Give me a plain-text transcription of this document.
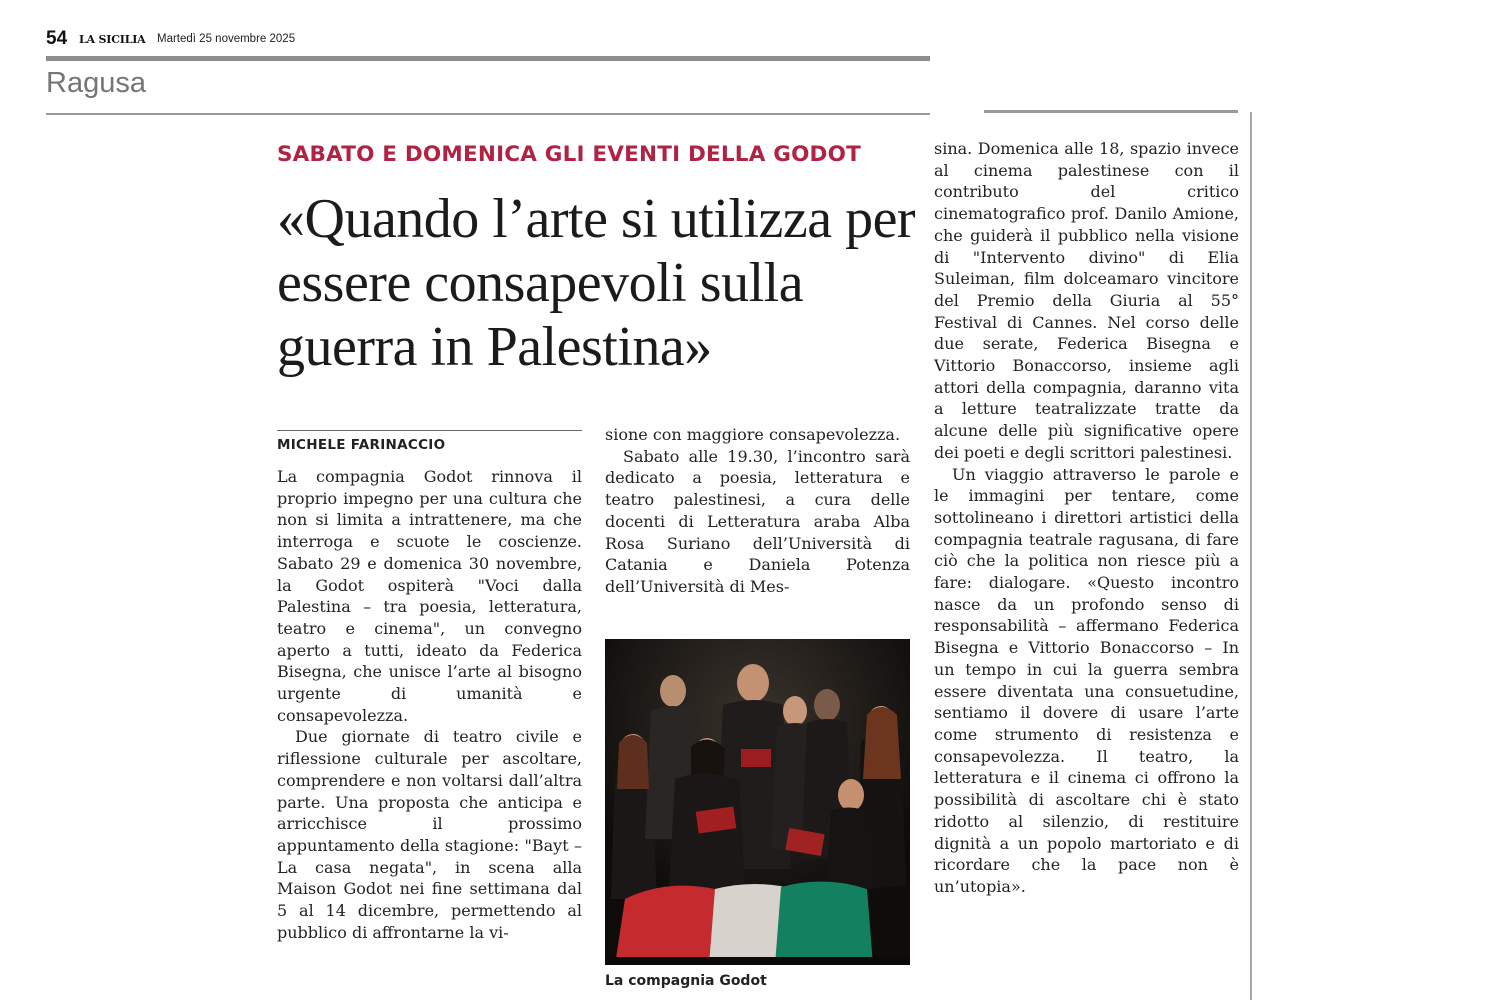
54 LA SICILIA Martedì 25 novembre 2025
Ragusa
SABATO E DOMENICA GLI EVENTI DELLA GODOT
«Quando l’arte si utilizza per essere consapevoli sulla guerra in Palestina»
MICHELE FARINACCIO

La compagnia Godot rinnova il proprio impegno per una cultura che non si limita a intrattenere, ma che interroga e scuote le coscienze. Sabato 29 e domenica 30 novembre, la Godot ospiterà "Voci dalla Palestina – tra poesia, letteratura, teatro e cinema", un convegno aperto a tutti, ideato da Federica Bisegna, che unisce l’arte al bisogno urgente di umanità e consapevolezza.

Due giornate di teatro civile e riflessione culturale per ascoltare, comprendere e non voltarsi dall’altra parte. Una proposta che anticipa e arricchisce il prossimo appuntamento della stagione: "Bayt – La casa negata", in scena alla Maison Godot nei fine settimana dal 5 al 14 dicembre, permettendo al pubblico di affrontarne la vi-

sione con maggiore consapevolezza.

Sabato alle 19.30, l’incontro sarà dedicato a poesia, letteratura e teatro palestinesi, a cura delle docenti di Letteratura araba Alba Rosa Suriano dell’Università di Catania e Daniela Potenza dell’Università di Mes-

La compagnia Godot

sina. Domenica alle 18, spazio invece al cinema palestinese con il contributo del critico cinematografico prof. Danilo Amione, che guiderà il pubblico nella visione di "Intervento divino" di Elia Suleiman, film dolceamaro vincitore del Premio della Giuria al 55° Festival di Cannes. Nel corso delle due serate, Federica Bisegna e Vittorio Bonaccorso, insieme agli attori della compagnia, daranno vita a letture teatralizzate tratte da alcune delle più significative opere dei poeti e degli scrittori palestinesi.

Un viaggio attraverso le parole e le immagini per tentare, come sottolineano i direttori artistici della compagnia teatrale ragusana, di fare ciò che la politica non riesce più a fare: dialogare. «Questo incontro nasce da un profondo senso di responsabilità – affermano Federica Bisegna e Vittorio Bonaccorso – In un tempo in cui la guerra sembra essere diventata una consuetudine, sentiamo il dovere di usare l’arte come strumento di resistenza e consapevolezza. Il teatro, la letteratura e il cinema ci offrono la possibilità di ascoltare chi è stato ridotto al silenzio, di restituire dignità a un popolo martoriato e di ricordare che la pace non è un’utopia».
